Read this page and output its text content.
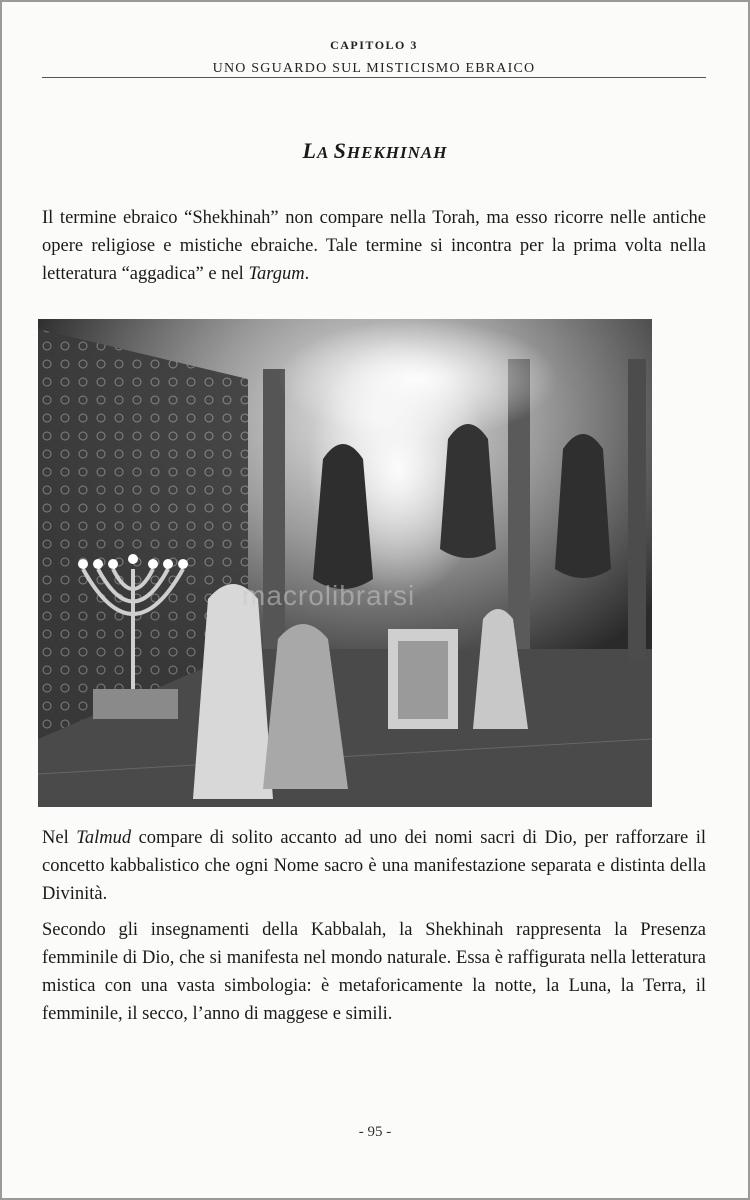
CAPITOLO 3
UNO SGUARDO SUL MISTICISMO EBRAICO
LA SHEKHINAH
Il termine ebraico “Shekhinah” non compare nella Torah, ma esso ricorre nelle antiche opere religiose e mistiche ebraiche. Tale termine si incontra per la prima volta nella letteratura “aggadica” e nel Targum.
macrolibrarsi
Nel Talmud compare di solito accanto ad uno dei nomi sacri di Dio, per rafforzare il concetto kabbalistico che ogni Nome sacro è una manifestazione separata e distinta della Divinità.
Secondo gli insegnamenti della Kabbalah, la Shekhinah rappresenta la Presenza femminile di Dio, che si manifesta nel mondo naturale. Essa è raffigurata nella letteratura mistica con una vasta simbologia: è metaforicamente la notte, la Luna, la Terra, il femminile, il secco, l’anno di maggese e simili.
- 95 -
